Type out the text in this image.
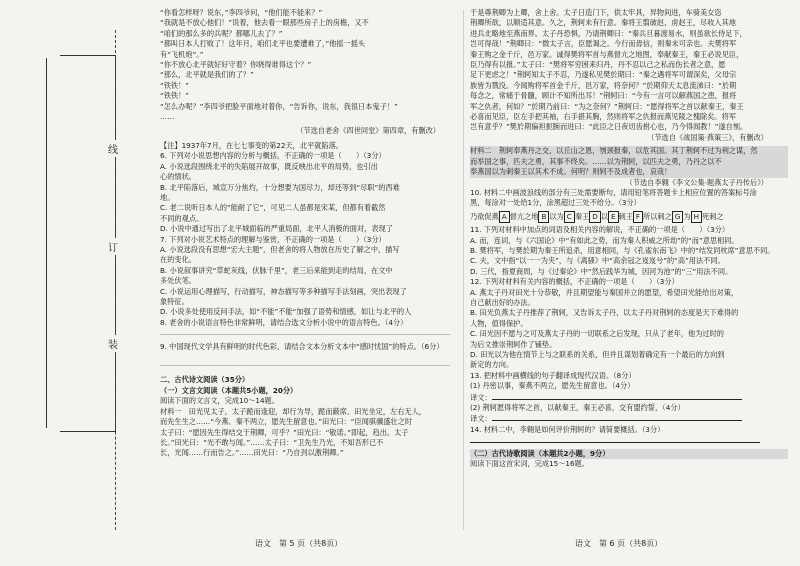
线
订
装

“你看怎样呀？说东，”李四爷问，“他们能不能来？”

“我就是不放心他们！”说着，他去看一眼那些房子上的房檐，又不

“咱们的那么多的兵呢？都哪儿去了？”

“都叫日本人打败了！这年月，咱们北平也要遭难了，”他摇一摇头

有“飞机炮”。”

“你不放心北平就好好守着？你晓得谁得这个？”

“那么，北平就是我们的了？”

“铁铁！”

“铁铁！”

“怎么办呢？”李四爷把脸平面地对着你，“告诉你，说东，我很日本鬼子！”

……

（节选自老舍《四世同堂》第四章，有删改）

【注】1937年7月，在七七事变的第22天，北平就陷落。

6. 下列对小说思想内容的分析与概括，不正确的一项是（　　）（3分）

A. 小说选段围绕北平的失陷展开故事，既反映出北平的局势，也引出

心的情状。

B. 北平陷落后，城宣万分焦灼，十分想要为国尽力，却还等到“尽职”的西难

地。

C. 老二说听日本人的“能耐了它”，可见二人虽都是宋某，但都有着截然

不同的观点。

D. 小说中通过写出了北平城面临的严重局面，北平人消极的面对，表现了

7. 下列对小说艺术特点的理解与鉴赏，不正确的一项是（　　）（3分）

A. 小说选段没有思想“宏大主题”，但老舍的将人物放在历史了解之中，描写

在的变化。

B. 小说叙事讲究“草蛇灰线，伏脉千里”，老三后来能到走的结局，在文中

多处伏笔。

C. 小说运用心理描写，行动描写，神态描写等多种描写手法刻画，突出表现了

象特征。

D. 小说多处使用反问手法，如“不能”不能“加强了语势和情感，如让与北平的人

8. 老舍的小说语言特色非常鲜明，请结合选文分析小说中的语言特色。（4分）

9. 中国现代文学具有鲜明的时代色彩，请结合文本分析文本中“感时忧国”的特点。（6分）

二、古代诗文阅读（35分）

（一）文言文阅读（本题共5小题，20分）

阅读下面的文言文，完成10～14题。

材料一　田光见太子，太子跪而逢迎，却行为导，跪而蔽席。田光坐定，左右无人，

而先生生之……“今燕、秦不两立，愿先生留意也。”田光曰：“臣闻骐骥盛壮之时

太子曰：“愿因先生得结交于荆卿，可乎？”田光曰：“敬诺。”即起，趋出。太子

长。”田光曰：“光不敢与闻。”……太子曰：“卫先生乃光，不知吾形已不

长，光闻……行而告之。”……田光曰：“乃自刭以激荆卿。”

于是尊荆卿为上卿，舍上舍。太子日造门下，供太牢具，异物间进，车骑美女恣

荆卿所欲，以顺适其意。久之，荆轲未有行意。秦将王翦破赵，虏赵王，尽收入其地

进兵北略地至燕南界。太子丹恐惧，乃请荆卿曰：“秦兵旦暮渡易水，则虽欲长侍足下，

岂可得哉！”荆卿曰：“微太子言，臣愿谒之。今行而毋信，则秦未可亲也。夫樊将军

秦王购之金千斤，邑万家。诚得樊将军首与燕督亢之地图，奉献秦王，秦王必说见臣，

臣乃得有以报。”太子曰：“樊将军穷困来归丹，丹不忍以己之私而伤长者之意，愿

足下更虑之！”荆轲知太子不忍，乃遂私见樊於期曰：“秦之遇将军可谓深矣，父母宗

族皆为戮没。今闻购将军首金千斤，邑万家，将奈何？”於期仰天太息流涕曰：“於期

每念之，常痛于骨髓，顾计不知所出耳！”荆轲曰：“今有一言可以解燕国之患，报将

军之仇者，何如？”於期乃前曰：“为之奈何？”荆轲曰：“愿得将军之首以献秦王，秦王

必喜而见臣，臣左手把其袖，右手揕其胸，然则将军之仇报而燕见陵之愧除矣。将军

岂有意乎？”樊於期偏袒扼腕而进曰：“此臣之日夜切齿拊心也，乃今得闻教！”遂自刎。

（节选自《战国策·燕策三》，有删改）

材料二　荆轲奉燕丹之交，以丘山之恩，刎颈报秦，以危其国。其丁荆轲不过为利之谋，然

而举国之事，匹夫之勇，其事不终矣。……以为荆轲，以匹夫之勇，乃丹之以不

奉燕国以为刺秦王以其术不成。何明？则轲不及成者也，哀哉！

（节选自李翱《李文公集·题燕太子丹传后》）

10. 材料二中画波浪线的部分有三处需要断句，请用铅笔将答题卡上相应位置的答案标号涂

黑，每涂对一处给1分，涂黑超过三处不给分。（3分）

乃欲促燕 A 督亢之地 B 以为 C 秦王 D 以 E 刺王 F 所以刺之 G 为 H 死刺之

11. 下列对材料中加点的词语及相关内容的解说，不正确的一项是（　　）（3分）

A. 而，连词，与《六国论》中“有如此之势，而为秦人积威之所劫”的“而”意思相同。

B. 樊将军，与樊於期为秦王所追杀，用意相同，与《孔雀东南飞》中的“结发同枕席”意思不同。

C. 夫，文中指“以一一为夹”，与《离骚》中“高余冠之岌岌兮”的“高”用法不同。

D. 三代，指夏商周，与《过秦论》中“然后践华为城，因河为池”的“三”用法不同。

12. 下列对材料有关内容的概括，不正确的一项是（　　）（3分）

A. 燕太子丹对田光十分恭敬，并且期望能与秦国并立的愿望，希望田光能给出对策，

自己献出好的办法。

B. 田光负燕太子丹推荐了荆轲，又告诉太子丹，以太子丹对荆轲的态度是天下难得的

人物，值得保护。

C. 田光因不愿与之可及燕太子丹的一切联系之后发现，只从了老年，他为过时的

为后文推崇荆轲作了铺垫。

D. 田光以为他在情节上与之联系的关系，但并且谋划着确定有一个最后的方向到

新定的方向。

13. 把材料中画横线的句子翻译成现代汉语。（8分）

(1) 丹密以事，秦燕不两立，愿先生留意也。（4分）

译文：

(2) 荆轲愿得将军之首，以献秦王，秦王必喜，交有盟约誓，（4分）

译文：

14. 材料二中，李翱是如何评价荆轲的？请简要概括。（3分）

（二）古代诗歌阅读（本题共2小题，9分）

阅读下面这首宋词，完成15～16题。

语文　第 5 页（共8页）	语文　第 6 页（共8页）
